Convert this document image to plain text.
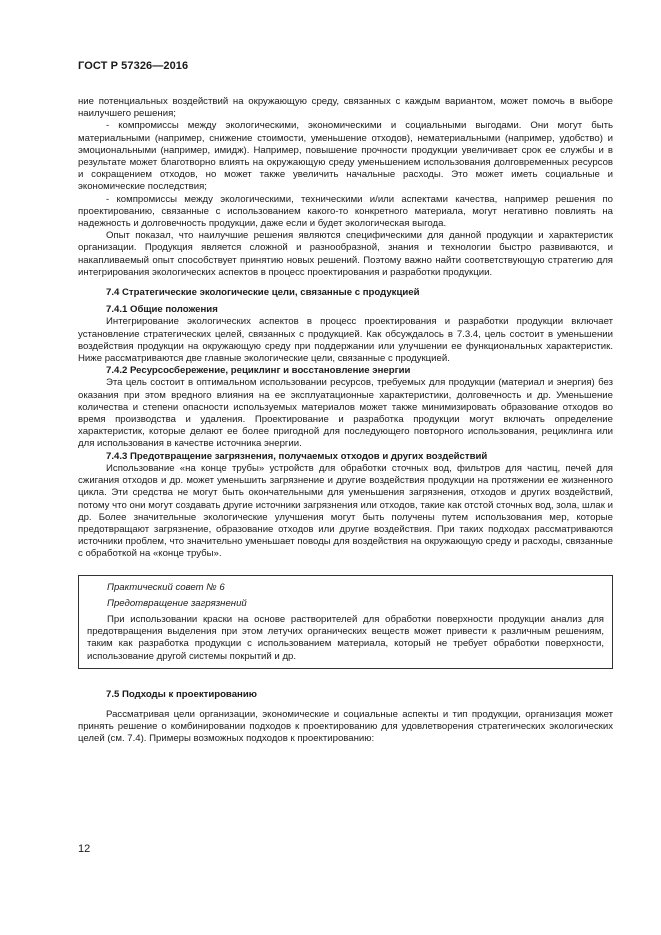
ГОСТ Р 57326—2016

ние потенциальных воздействий на окружающую среду, связанных с каждым вариантом, может помочь в выборе наилучшего решения;

- компромиссы между экологическими, экономическими и социальными выгодами. Они могут быть материальными (например, снижение стоимости, уменьшение отходов), нематериальными (например, удобство) и эмоциональными (например, имидж). Например, повышение прочности продукции увеличивает срок ее службы и в результате может благотворно влиять на окружающую среду уменьшением использования долговременных ресурсов и сокращением отходов, но может также увеличить начальные расходы. Это может иметь социальные и экономические последствия;

- компромиссы между экологическими, техническими и/или аспектами качества, например решения по проектированию, связанные с использованием какого-то конкретного материала, могут негативно повлиять на надежность и долговечность продукции, даже если и будет экологическая выгода.

Опыт показал, что наилучшие решения являются специфическими для данной продукции и характеристик организации. Продукция является сложной и разнообразной, знания и технологии быстро развиваются, и накапливаемый опыт способствует принятию новых решений. Поэтому важно найти соответствующую стратегию для интегрирования экологических аспектов в процесс проектирования и разработки продукции.

7.4 Стратегические экологические цели, связанные с продукцией

7.4.1 Общие положения

Интегрирование экологических аспектов в процесс проектирования и разработки продукции включает установление стратегических целей, связанных с продукцией. Как обсуждалось в 7.3.4, цель состоит в уменьшении воздействия продукции на окружающую среду при поддержании или улучшении ее функциональных характеристик. Ниже рассматриваются две главные экологические цели, связанные с продукцией.

7.4.2 Ресурсосбережение, рециклинг и восстановление энергии

Эта цель состоит в оптимальном использовании ресурсов, требуемых для продукции (материал и энергия) без оказания при этом вредного влияния на ее эксплуатационные характеристики, долговечность и др. Уменьшение количества и степени опасности используемых материалов может также минимизировать образование отходов во время производства и удаления. Проектирование и разработка продукции могут включать определение характеристик, которые делают ее более пригодной для последующего повторного использования, рециклинга или для использования в качестве источника энергии.

7.4.3 Предотвращение загрязнения, получаемых отходов и других воздействий

Использование «на конце трубы» устройств для обработки сточных вод, фильтров для частиц, печей для сжигания отходов и др. может уменьшить загрязнение и другие воздействия продукции на протяжении ее жизненного цикла. Эти средства не могут быть окончательными для уменьшения загрязнения, отходов и других воздействий, потому что они могут создавать другие источники загрязнения или отходов, такие как отстой сточных вод, зола, шлак и др. Более значительные экологические улучшения могут быть получены путем использования мер, которые предотвращают загрязнение, образование отходов или другие воздействия. При таких подходах рассматриваются источники проблем, что значительно уменьшает поводы для воздействия на окружающую среду и расходы, связанные с обработкой на «конце трубы».

Практический совет № 6

Предотвращение загрязнений

При использовании краски на основе растворителей для обработки поверхности продукции анализ для предотвращения выделения при этом летучих органических веществ может привести к различным решениям, таким как разработка продукции с использованием материала, который не требует обработки поверхности, использование другой системы покрытий и др.

7.5 Подходы к проектированию

Рассматривая цели организации, экономические и социальные аспекты и тип продукции, организация может принять решение о комбинировании подходов к проектированию для удовлетворения стратегических экологических целей (см. 7.4). Примеры возможных подходов к проектированию:

12
